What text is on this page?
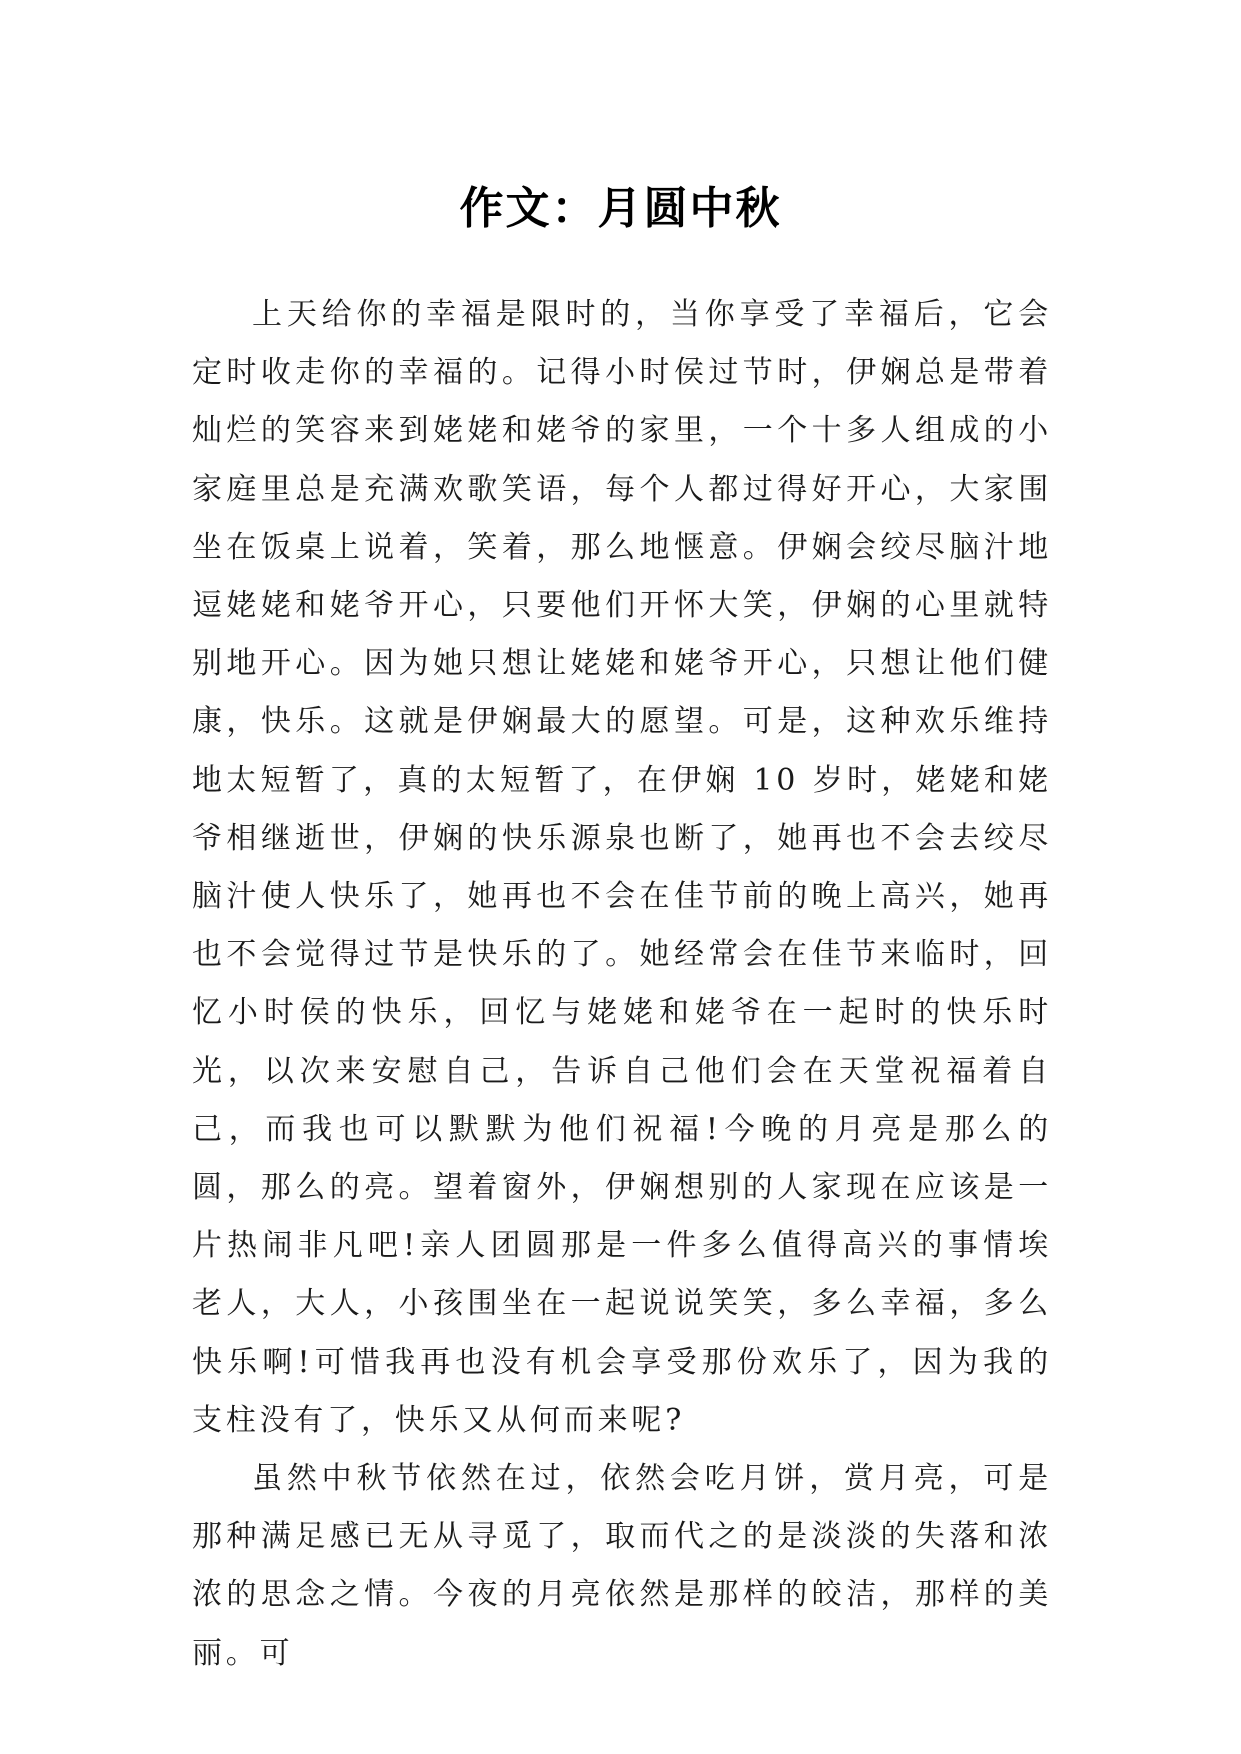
作文：月圆中秋

上天给你的幸福是限时的，当你享受了幸福后，它会定时收走你的幸福的。记得小时侯过节时，伊娴总是带着灿烂的笑容来到姥姥和姥爷的家里，一个十多人组成的小家庭里总是充满欢歌笑语，每个人都过得好开心，大家围坐在饭桌上说着，笑着，那么地惬意。伊娴会绞尽脑汁地逗姥姥和姥爷开心，只要他们开怀大笑，伊娴的心里就特别地开心。因为她只想让姥姥和姥爷开心，只想让他们健康，快乐。这就是伊娴最大的愿望。可是，这种欢乐维持地太短暂了，真的太短暂了，在伊娴 10 岁时，姥姥和姥爷相继逝世，伊娴的快乐源泉也断了，她再也不会去绞尽脑汁使人快乐了，她再也不会在佳节前的晚上高兴，她再也不会觉得过节是快乐的了。她经常会在佳节来临时，回忆小时侯的快乐，回忆与姥姥和姥爷在一起时的快乐时光，以次来安慰自己，告诉自己他们会在天堂祝福着自己，而我也可以默默为他们祝福!今晚的月亮是那么的圆，那么的亮。望着窗外，伊娴想别的人家现在应该是一片热闹非凡吧!亲人团圆那是一件多么值得高兴的事情埃老人，大人，小孩围坐在一起说说笑笑，多么幸福，多么快乐啊!可惜我再也没有机会享受那份欢乐了，因为我的支柱没有了，快乐又从何而来呢?

虽然中秋节依然在过，依然会吃月饼，赏月亮，可是那种满足感已无从寻觅了，取而代之的是淡淡的失落和浓浓的思念之情。今夜的月亮依然是那样的皎洁，那样的美丽。可
